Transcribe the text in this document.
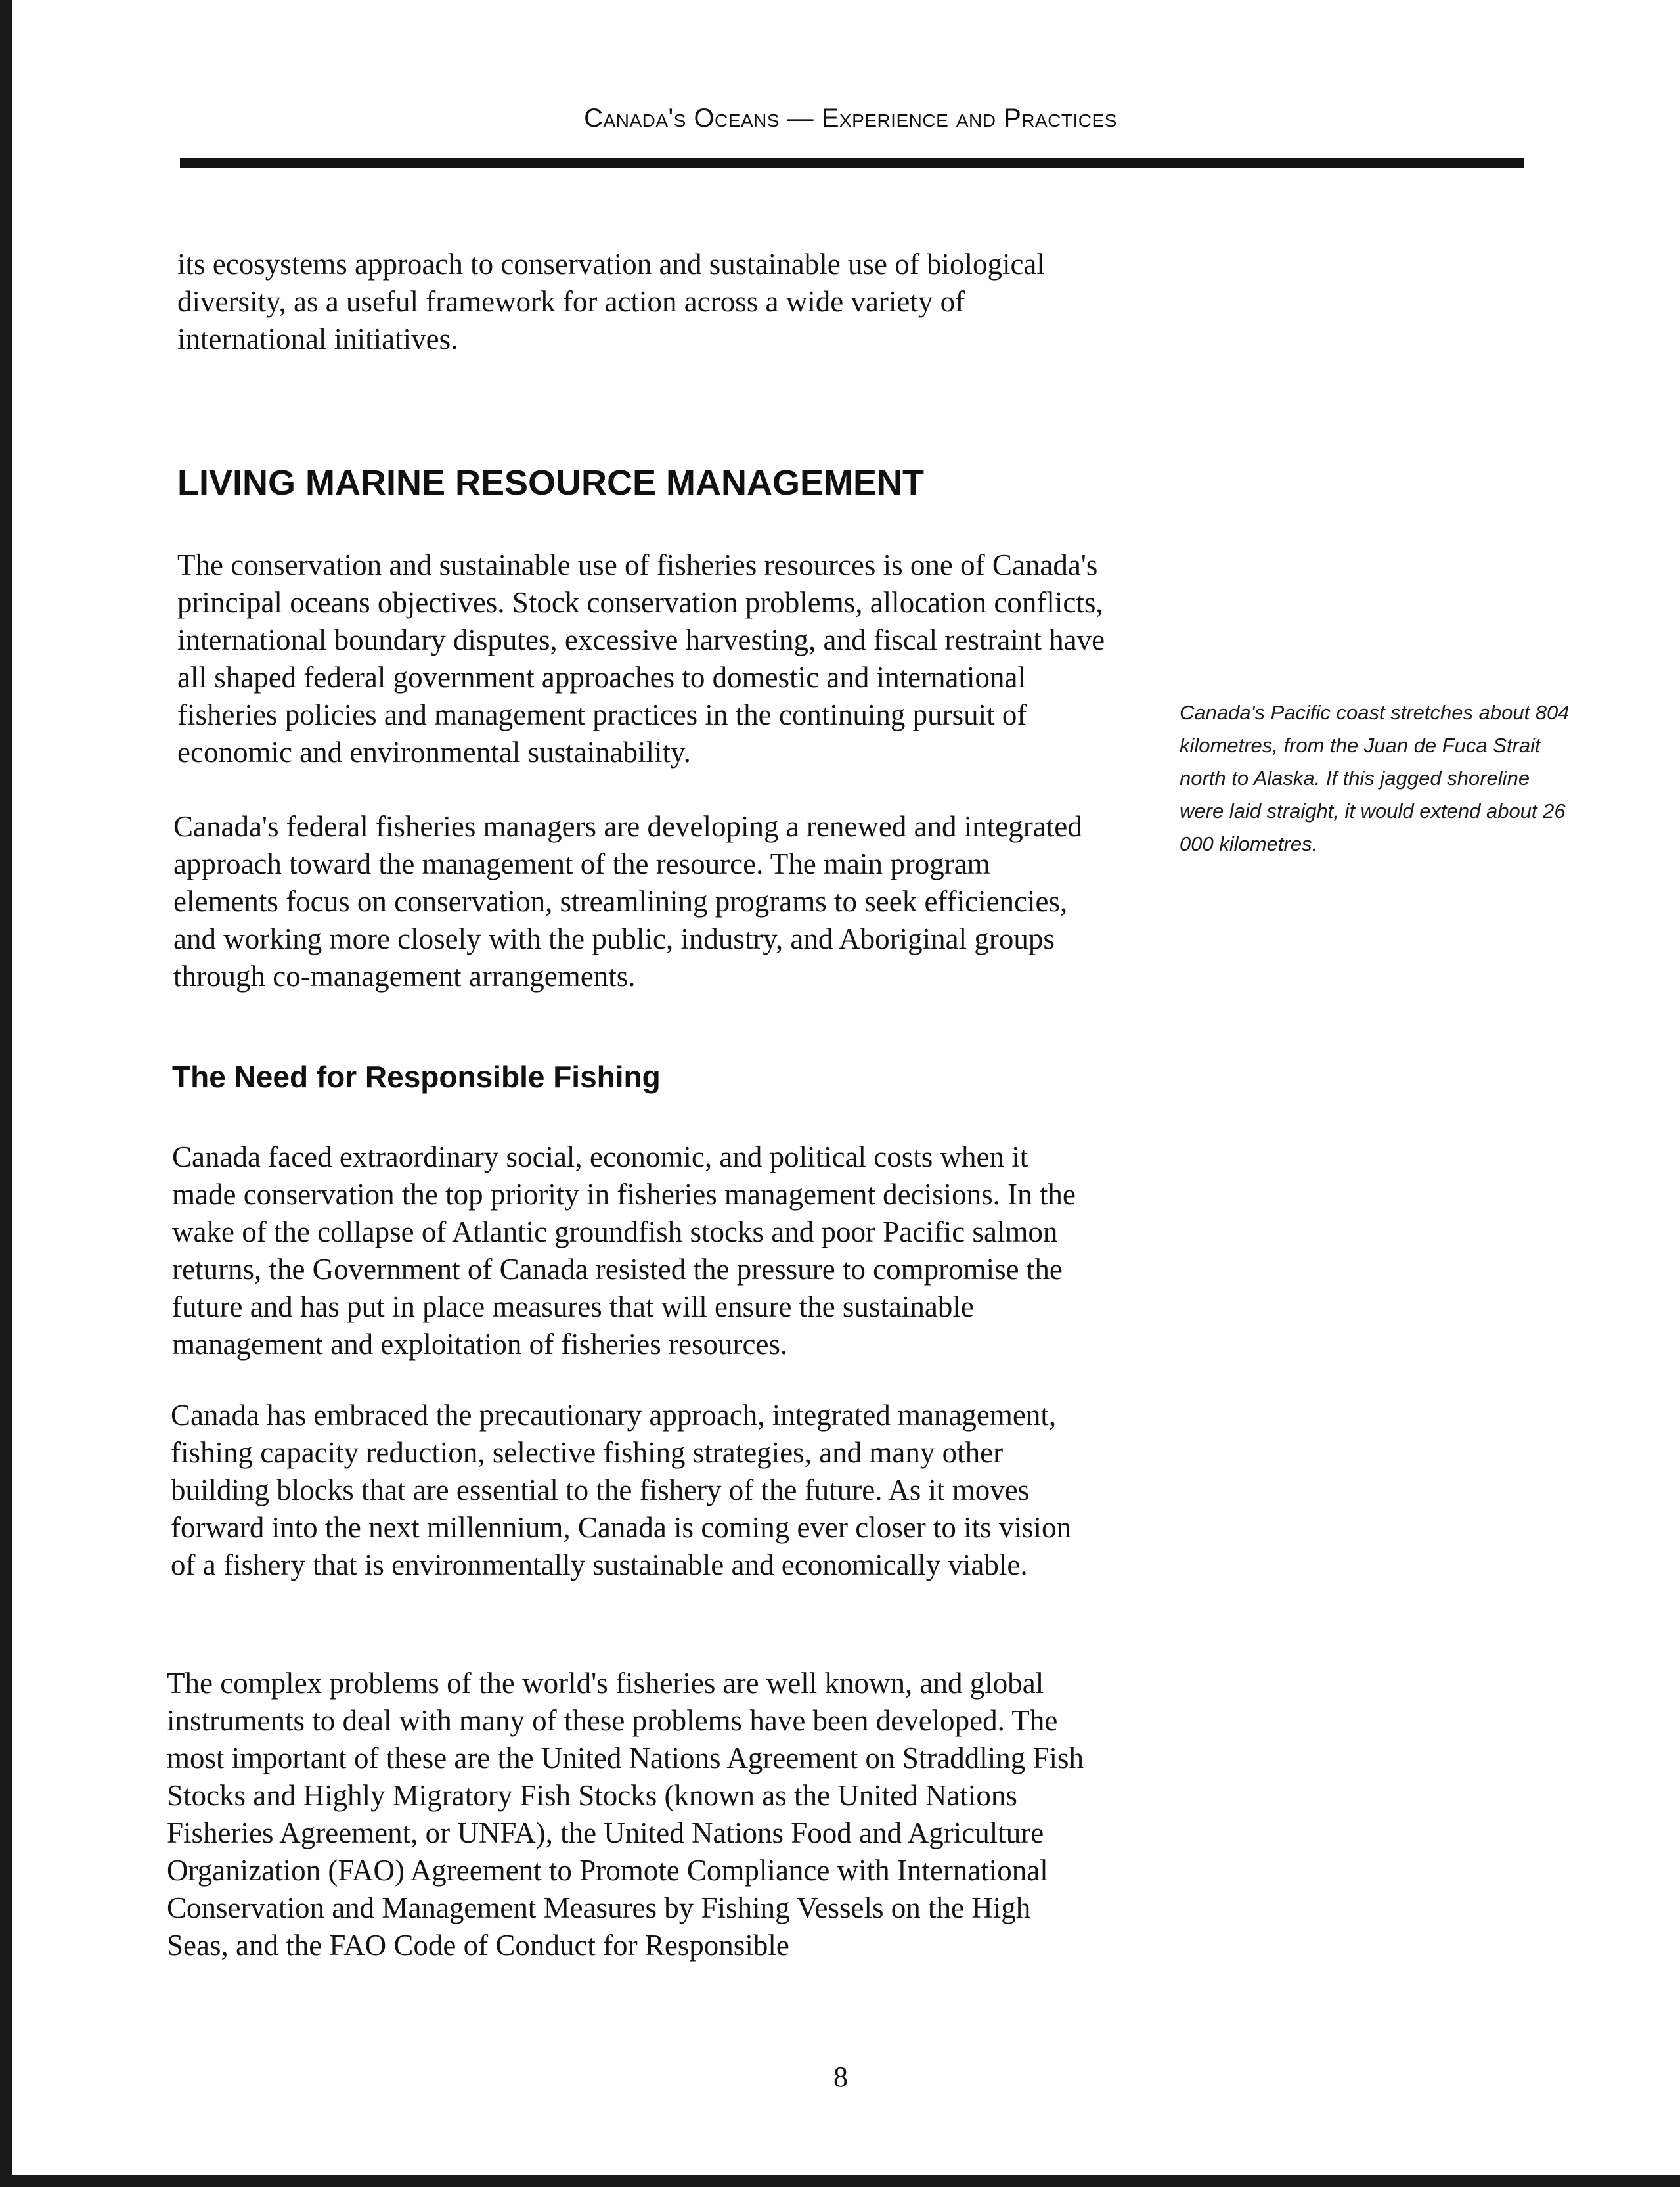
Canada's Oceans — Experience and Practices

its ecosystems approach to conservation and sustainable use of biological diversity, as a useful framework for action across a wide variety of international initiatives.

LIVING MARINE RESOURCE MANAGEMENT

The conservation and sustainable use of fisheries resources is one of Canada's principal oceans objectives. Stock conservation problems, allocation conflicts, international boundary disputes, excessive harvesting, and fiscal restraint have all shaped federal government approaches to domestic and international fisheries policies and management practices in the continuing pursuit of economic and environmental sustainability.

Canada's federal fisheries managers are developing a renewed and integrated approach toward the management of the resource. The main program elements focus on conservation, streamlining programs to seek efficiencies, and working more closely with the public, industry, and Aboriginal groups through co-management arrangements.

The Need for Responsible Fishing

Canada faced extraordinary social, economic, and political costs when it made conservation the top priority in fisheries management decisions. In the wake of the collapse of Atlantic groundfish stocks and poor Pacific salmon returns, the Government of Canada resisted the pressure to compromise the future and has put in place measures that will ensure the sustainable management and exploitation of fisheries resources.

Canada has embraced the precautionary approach, integrated management, fishing capacity reduction, selective fishing strategies, and many other building blocks that are essential to the fishery of the future. As it moves forward into the next millennium, Canada is coming ever closer to its vision of a fishery that is environmentally sustainable and economically viable.

The complex problems of the world's fisheries are well known, and global instruments to deal with many of these problems have been developed. The most important of these are the United Nations Agreement on Straddling Fish Stocks and Highly Migratory Fish Stocks (known as the United Nations Fisheries Agreement, or UNFA), the United Nations Food and Agriculture Organization (FAO) Agreement to Promote Compliance with International Conservation and Management Measures by Fishing Vessels on the High Seas, and the FAO Code of Conduct for Responsible

Canada's Pacific coast stretches about 804 kilometres, from the Juan de Fuca Strait north to Alaska. If this jagged shoreline were laid straight, it would extend about 26 000 kilometres.

8
